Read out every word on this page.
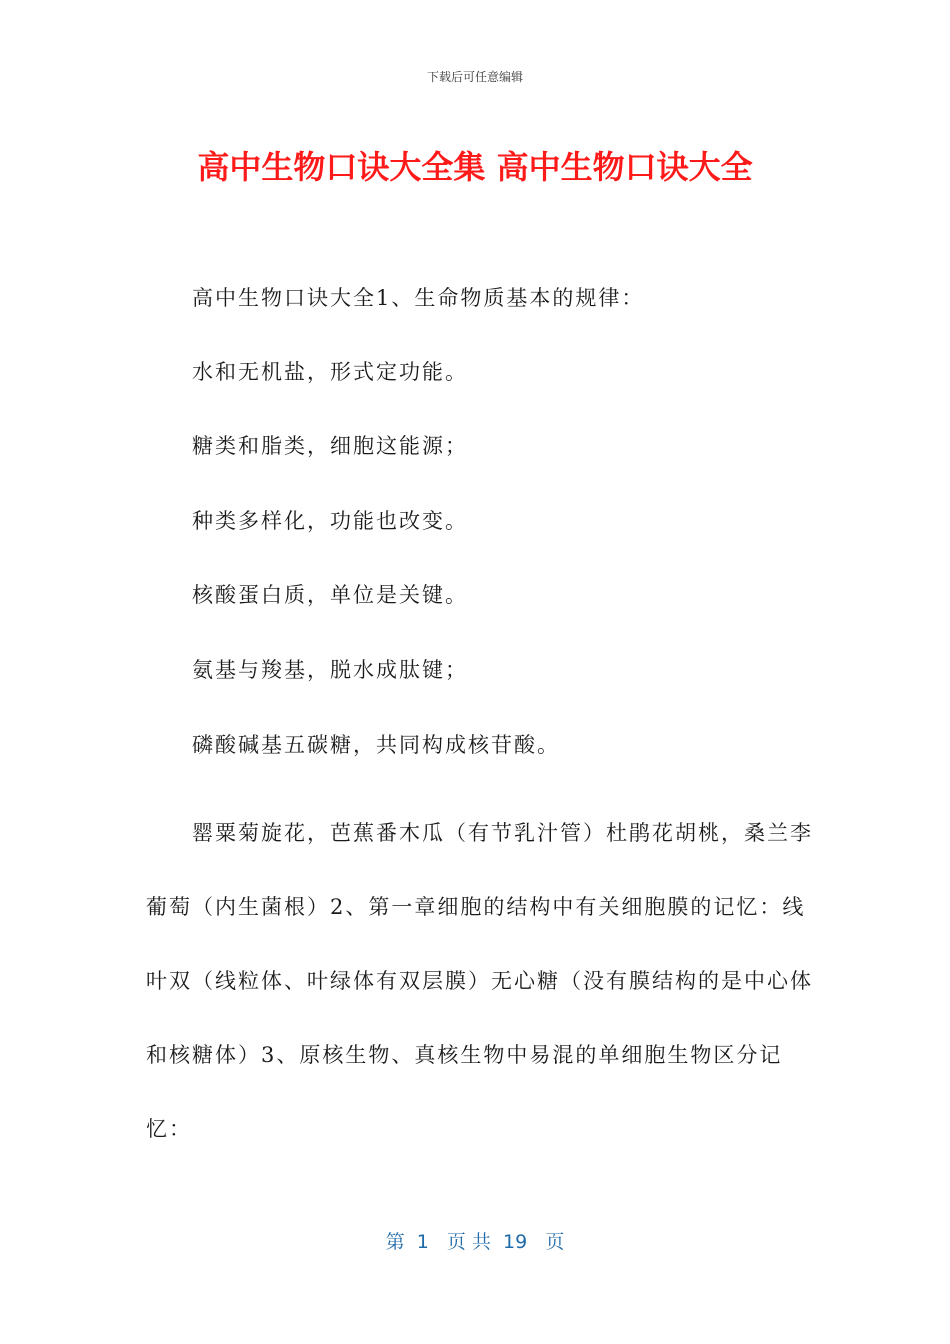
下载后可任意编辑
高中生物口诀大全集 高中生物口诀大全

高中生物口诀大全1、生命物质基本的规律：

水和无机盐，形式定功能。

糖类和脂类，细胞这能源；

种类多样化，功能也改变。

核酸蛋白质，单位是关键。

氨基与羧基，脱水成肽键；

磷酸碱基五碳糖，共同构成核苷酸。

罂粟菊旋花，芭蕉番木瓜（有节乳汁管）杜鹃花胡桃，桑兰李葡萄（内生菌根）2、第一章细胞的结构中有关细胞膜的记忆：线叶双（线粒体、叶绿体有双层膜）无心糖（没有膜结构的是中心体和核糖体）3、原核生物、真核生物中易混的单细胞生物区分记忆：

第  1   页 共  19   页
